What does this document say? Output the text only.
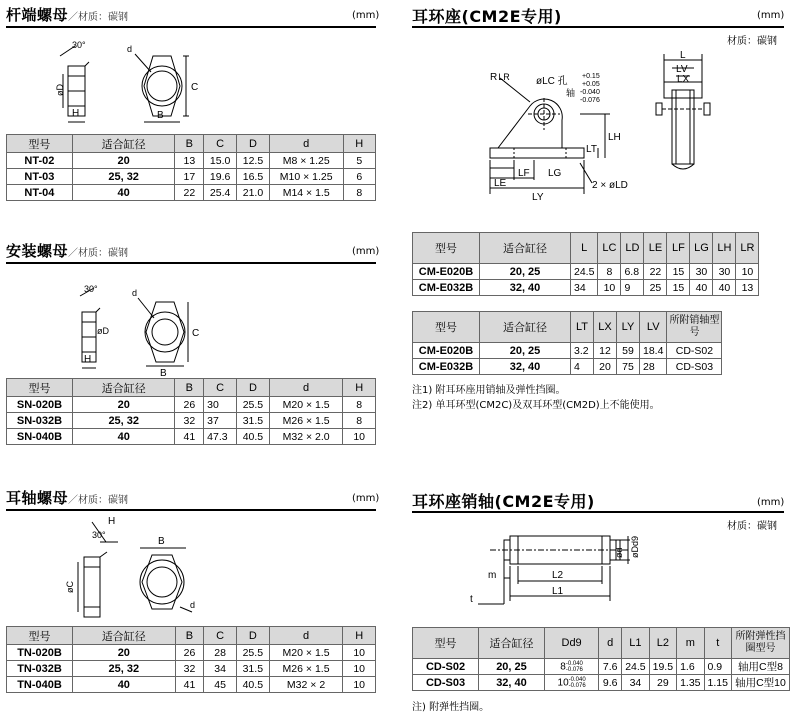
杆端螺母／材质：碳钢	(mm)
30°
øD
H
d
C
B
型号	适合缸径	B	C	D	d	H
NT-02	20	13	15.0	12.5	M8 × 1.25	5
NT-03	25, 32	17	19.6	16.5	M10 × 1.25	6
NT-04	40	22	25.4	21.0	M14 × 1.5	8
安装螺母／材质：碳钢	(mm)
30°
øD
H
d
C
B
型号	适合缸径	B	C	D	d	H
SN-020B	20	26	30	25.5	M20 × 1.5	8
SN-032B	25, 32	32	37	31.5	M26 × 1.5	8
SN-040B	40	41	47.3	40.5	M32 × 2.0	10
耳轴螺母／材质：碳钢	(mm)
H
30°
øC
B
d
型号	适合缸径	B	C	D	d	H
TN-020B	20	26	28	25.5	M20 × 1.5	10
TN-032B	25, 32	32	34	31.5	M26 × 1.5	10
TN-040B	40	41	45	40.5	M32 × 2	10
耳环座(CM2E专用)	(mm)
材质：碳钢
RLR	øLC 孔 +0.15
+0.05
轴 -0.040
-0.076
LH
LT
LF LG
LE
LY
2 × øLD
L
LV
LX
型号	适合缸径	L	LC	LD	LE	LF	LG	LH	LR
CM-E020B	20, 25	24.5	8	6.8	22	15	30	30	10
CM-E032B	32, 40	34	10	9	25	15	40	40	13
型号	适合缸径	LT	LX	LY	LV	所附销轴型号
CM-E020B	20, 25	3.2	12	59	18.4	CD-S02
CM-E032B	32, 40	4	20	75	28	CD-S03
注1) 附耳环座用销轴及弹性挡圈。
注2) 单耳环型(CM2C)及双耳环型(CM2D)上不能使用。
耳环座销轴(CM2E专用)	(mm)
材质：碳钢
m	L2
L1
t
ød øDd9
型号	适合缸径	Dd9	d	L1	L2	m	t	所附弹性挡圈型号
CD-S02	20, 25	8-0.040
-0.076	7.6	24.5	19.5	1.6	0.9	轴用C型8
CD-S03	32, 40	10-0.040
-0.076	9.6	34	29	1.35	1.15	轴用C型10
注) 附弹性挡圈。
